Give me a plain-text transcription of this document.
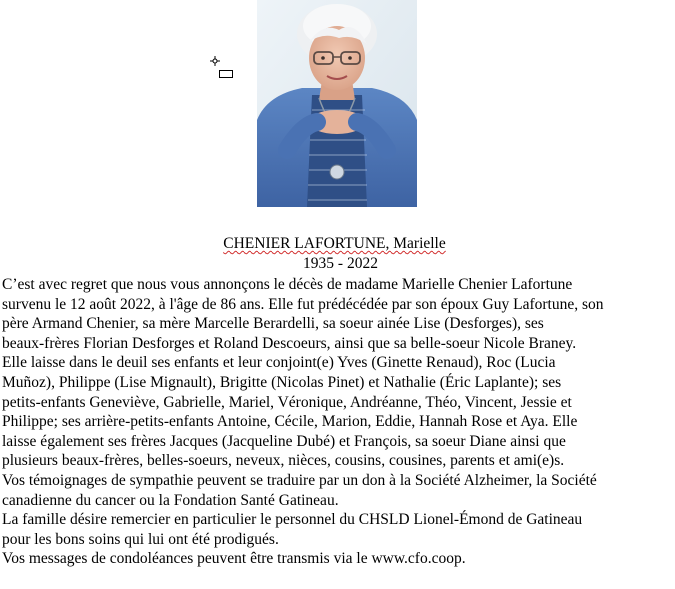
CHENIER LAFORTUNE, Marielle
1935 - 2022
C’est avec regret que nous vous annonçons le décès de madame Marielle Chenier Lafortune
survenu le 12 août 2022, à l'âge de 86 ans. Elle fut prédécédée par son époux Guy Lafortune, son
père Armand Chenier, sa mère Marcelle Berardelli, sa soeur ainée Lise (Desforges), ses
beaux-frères Florian Desforges et Roland Descoeurs, ainsi que sa belle-soeur Nicole Braney.
Elle laisse dans le deuil ses enfants et leur conjoint(e) Yves (Ginette Renaud), Roc (Lucia
Muñoz), Philippe (Lise Mignault), Brigitte (Nicolas Pinet) et Nathalie (Éric Laplante); ses
petits-enfants Geneviève, Gabrielle, Mariel, Véronique, Andréanne, Théo, Vincent, Jessie et
Philippe; ses arrière-petits-enfants Antoine, Cécile, Marion, Eddie, Hannah Rose et Aya. Elle
laisse également ses frères Jacques (Jacqueline Dubé) et François, sa soeur Diane ainsi que
plusieurs beaux-frères, belles-soeurs, neveux, nièces, cousins, cousines, parents et ami(e)s.
Vos témoignages de sympathie peuvent se traduire par un don à la Société Alzheimer, la Société
canadienne du cancer ou la Fondation Santé Gatineau.
La famille désire remercier en particulier le personnel du CHSLD Lionel-Émond de Gatineau
pour les bons soins qui lui ont été prodigués.
Vos messages de condoléances peuvent être transmis via le www.cfo.coop.
